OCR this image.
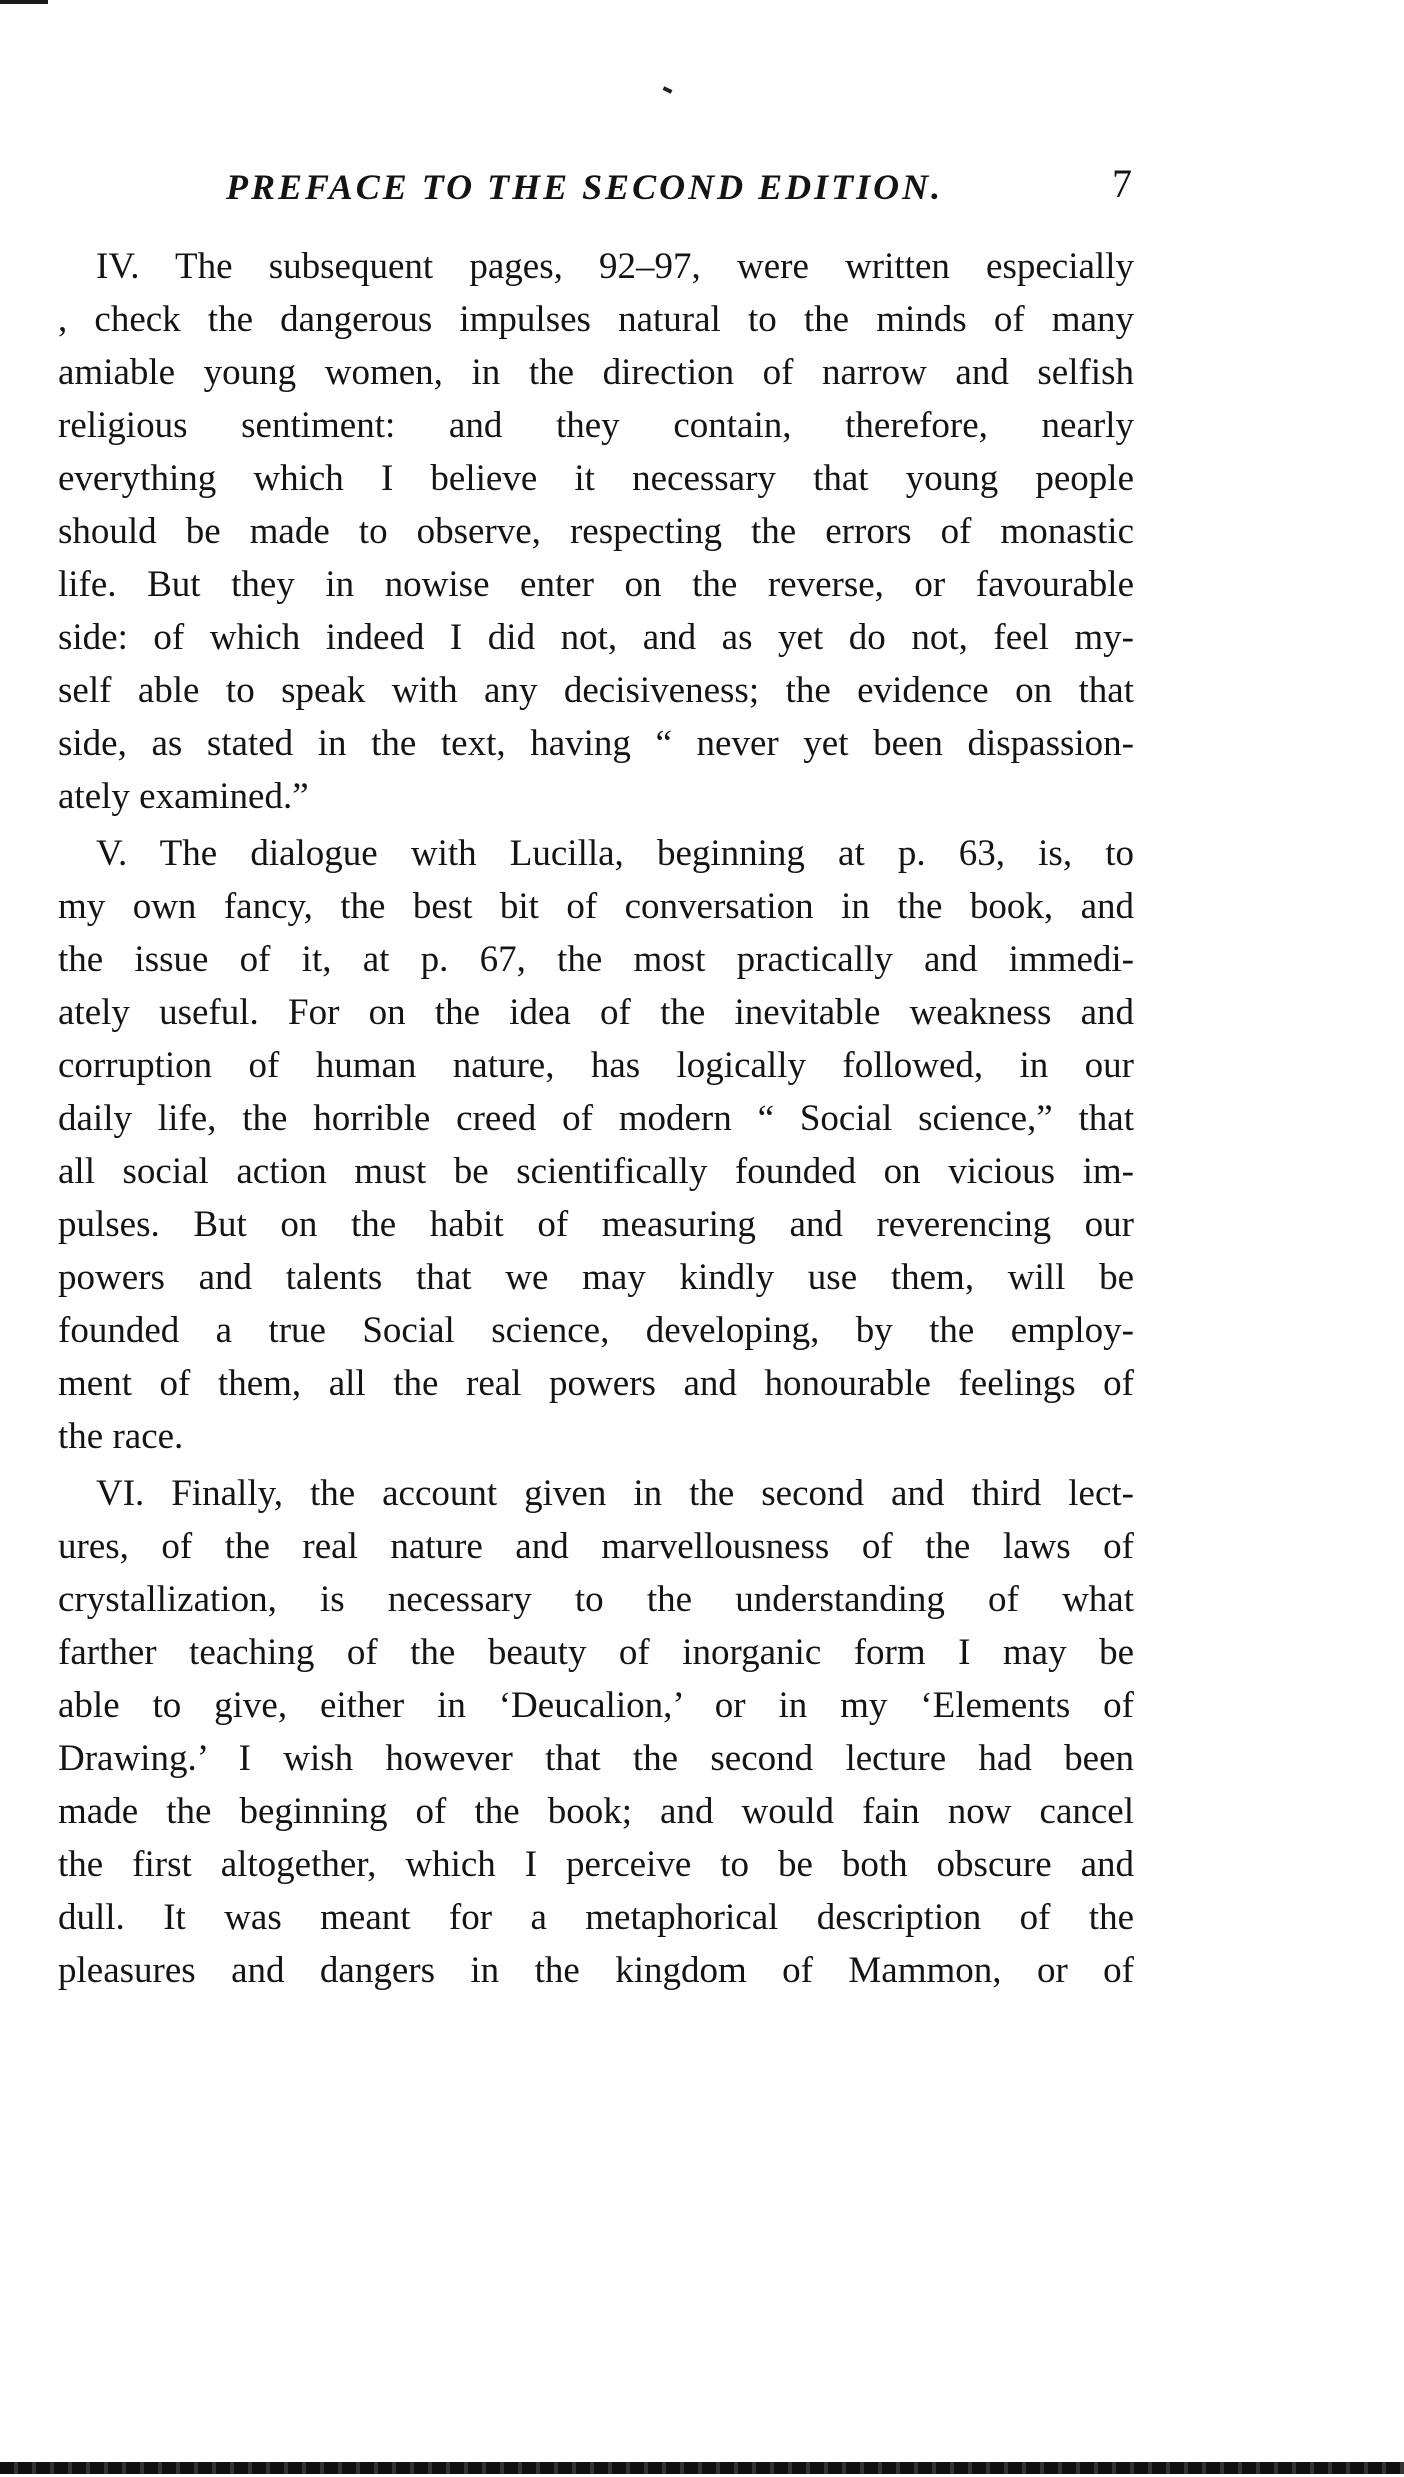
PREFACE TO THE SECOND EDITION.	7
IV. The subsequent pages, 92–97, were written especially
, check the dangerous impulses natural to the minds of many
amiable young women, in the direction of narrow and selfish
religious sentiment: and they contain, therefore, nearly
everything which I believe it necessary that young people
should be made to observe, respecting the errors of monastic
life. But they in nowise enter on the reverse, or favourable
side: of which indeed I did not, and as yet do not, feel my-
self able to speak with any decisiveness; the evidence on that
side, as stated in the text, having “ never yet been dispassion-
ately examined.”
V. The dialogue with Lucilla, beginning at p. 63, is, to
my own fancy, the best bit of conversation in the book, and
the issue of it, at p. 67, the most practically and immedi-
ately useful. For on the idea of the inevitable weakness and
corruption of human nature, has logically followed, in our
daily life, the horrible creed of modern “ Social science,” that
all social action must be scientifically founded on vicious im-
pulses. But on the habit of measuring and reverencing our
powers and talents that we may kindly use them, will be
founded a true Social science, developing, by the employ-
ment of them, all the real powers and honourable feelings of
the race.
VI. Finally, the account given in the second and third lect-
ures, of the real nature and marvellousness of the laws of
crystallization, is necessary to the understanding of what
farther teaching of the beauty of inorganic form I may be
able to give, either in ‘Deucalion,’ or in my ‘Elements of
Drawing.’ I wish however that the second lecture had been
made the beginning of the book; and would fain now cancel
the first altogether, which I perceive to be both obscure and
dull. It was meant for a metaphorical description of the
pleasures and dangers in the kingdom of Mammon, or of
